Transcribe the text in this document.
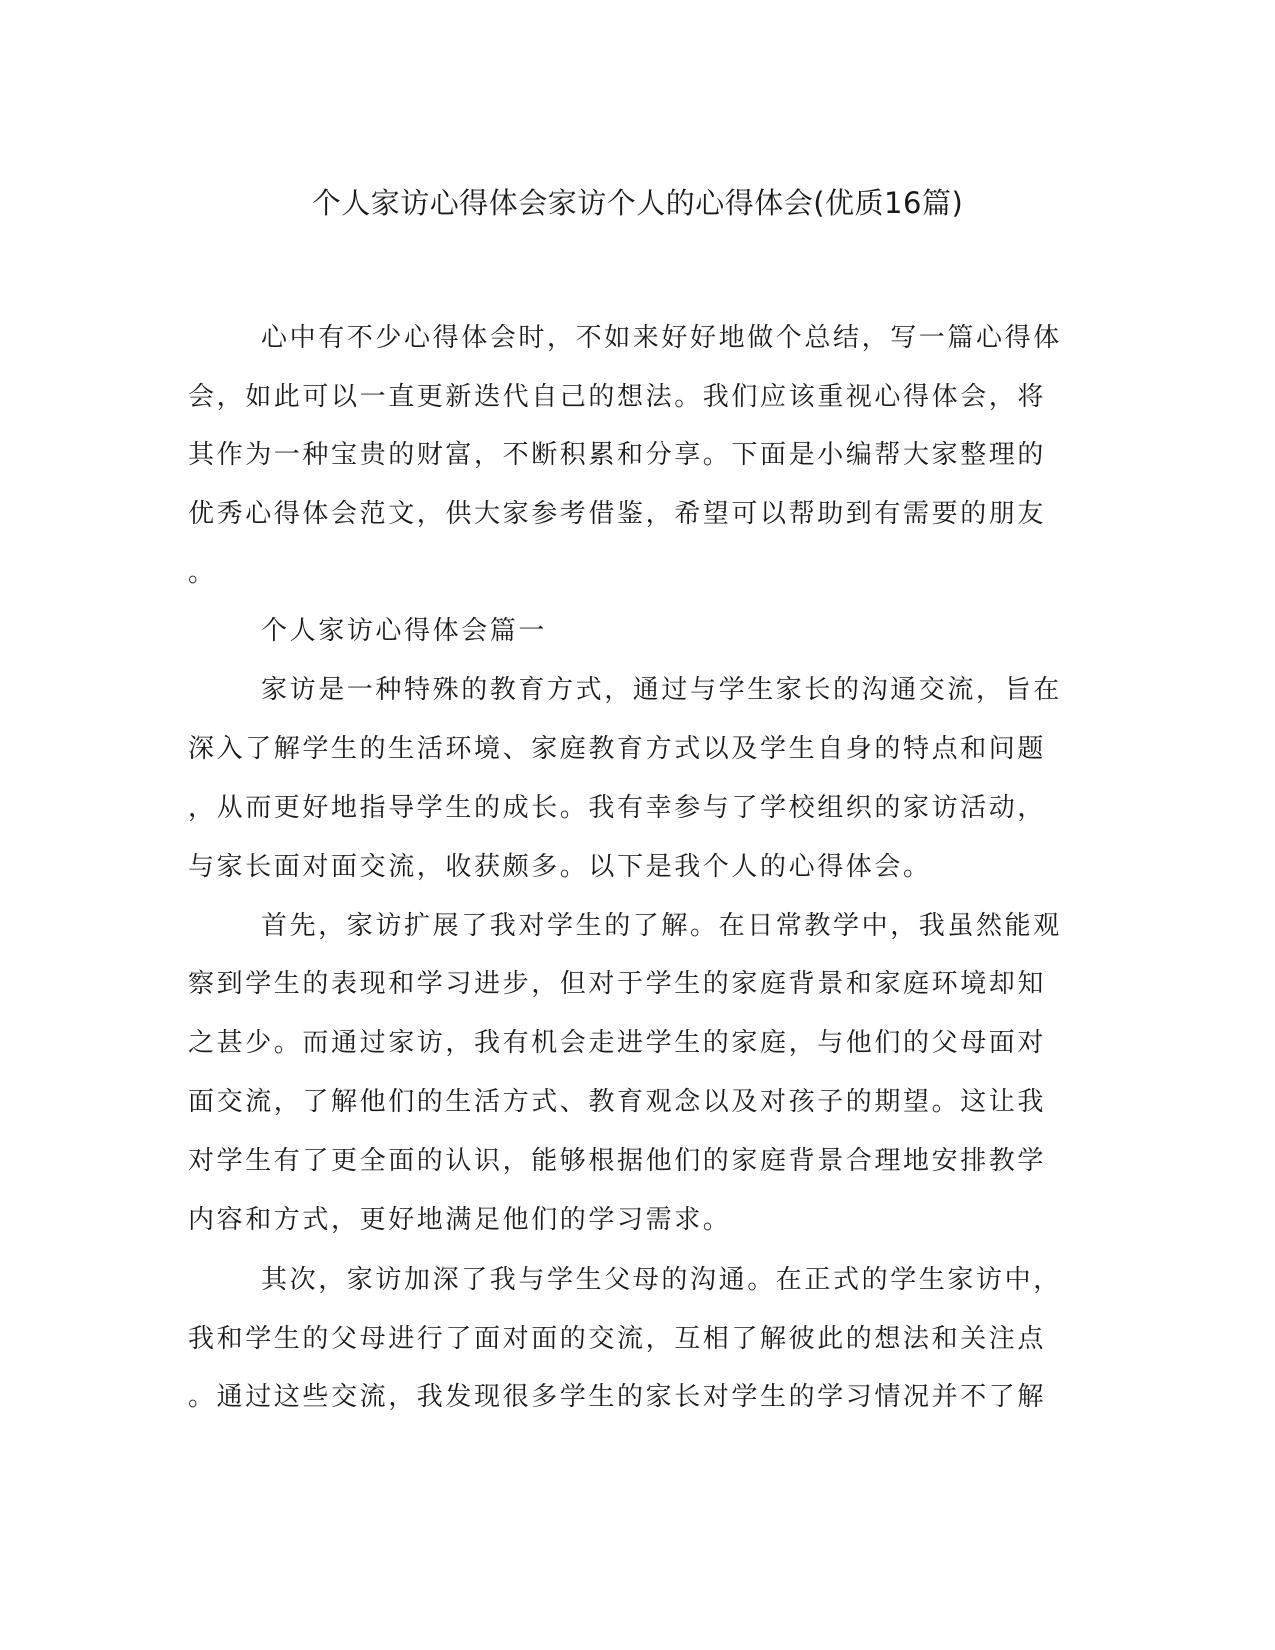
个人家访心得体会家访个人的心得体会(优质16篇)
心中有不少心得体会时，不如来好好地做个总结，写一篇心得体
会，如此可以一直更新迭代自己的想法。我们应该重视心得体会，将
其作为一种宝贵的财富，不断积累和分享。下面是小编帮大家整理的
优秀心得体会范文，供大家参考借鉴，希望可以帮助到有需要的朋友
。
个人家访心得体会篇一
家访是一种特殊的教育方式，通过与学生家长的沟通交流，旨在
深入了解学生的生活环境、家庭教育方式以及学生自身的特点和问题
，从而更好地指导学生的成长。我有幸参与了学校组织的家访活动，
与家长面对面交流，收获颇多。以下是我个人的心得体会。
首先，家访扩展了我对学生的了解。在日常教学中，我虽然能观
察到学生的表现和学习进步，但对于学生的家庭背景和家庭环境却知
之甚少。而通过家访，我有机会走进学生的家庭，与他们的父母面对
面交流，了解他们的生活方式、教育观念以及对孩子的期望。这让我
对学生有了更全面的认识，能够根据他们的家庭背景合理地安排教学
内容和方式，更好地满足他们的学习需求。
其次，家访加深了我与学生父母的沟通。在正式的学生家访中，
我和学生的父母进行了面对面的交流，互相了解彼此的想法和关注点
。通过这些交流，我发现很多学生的家长对学生的学习情况并不了解
